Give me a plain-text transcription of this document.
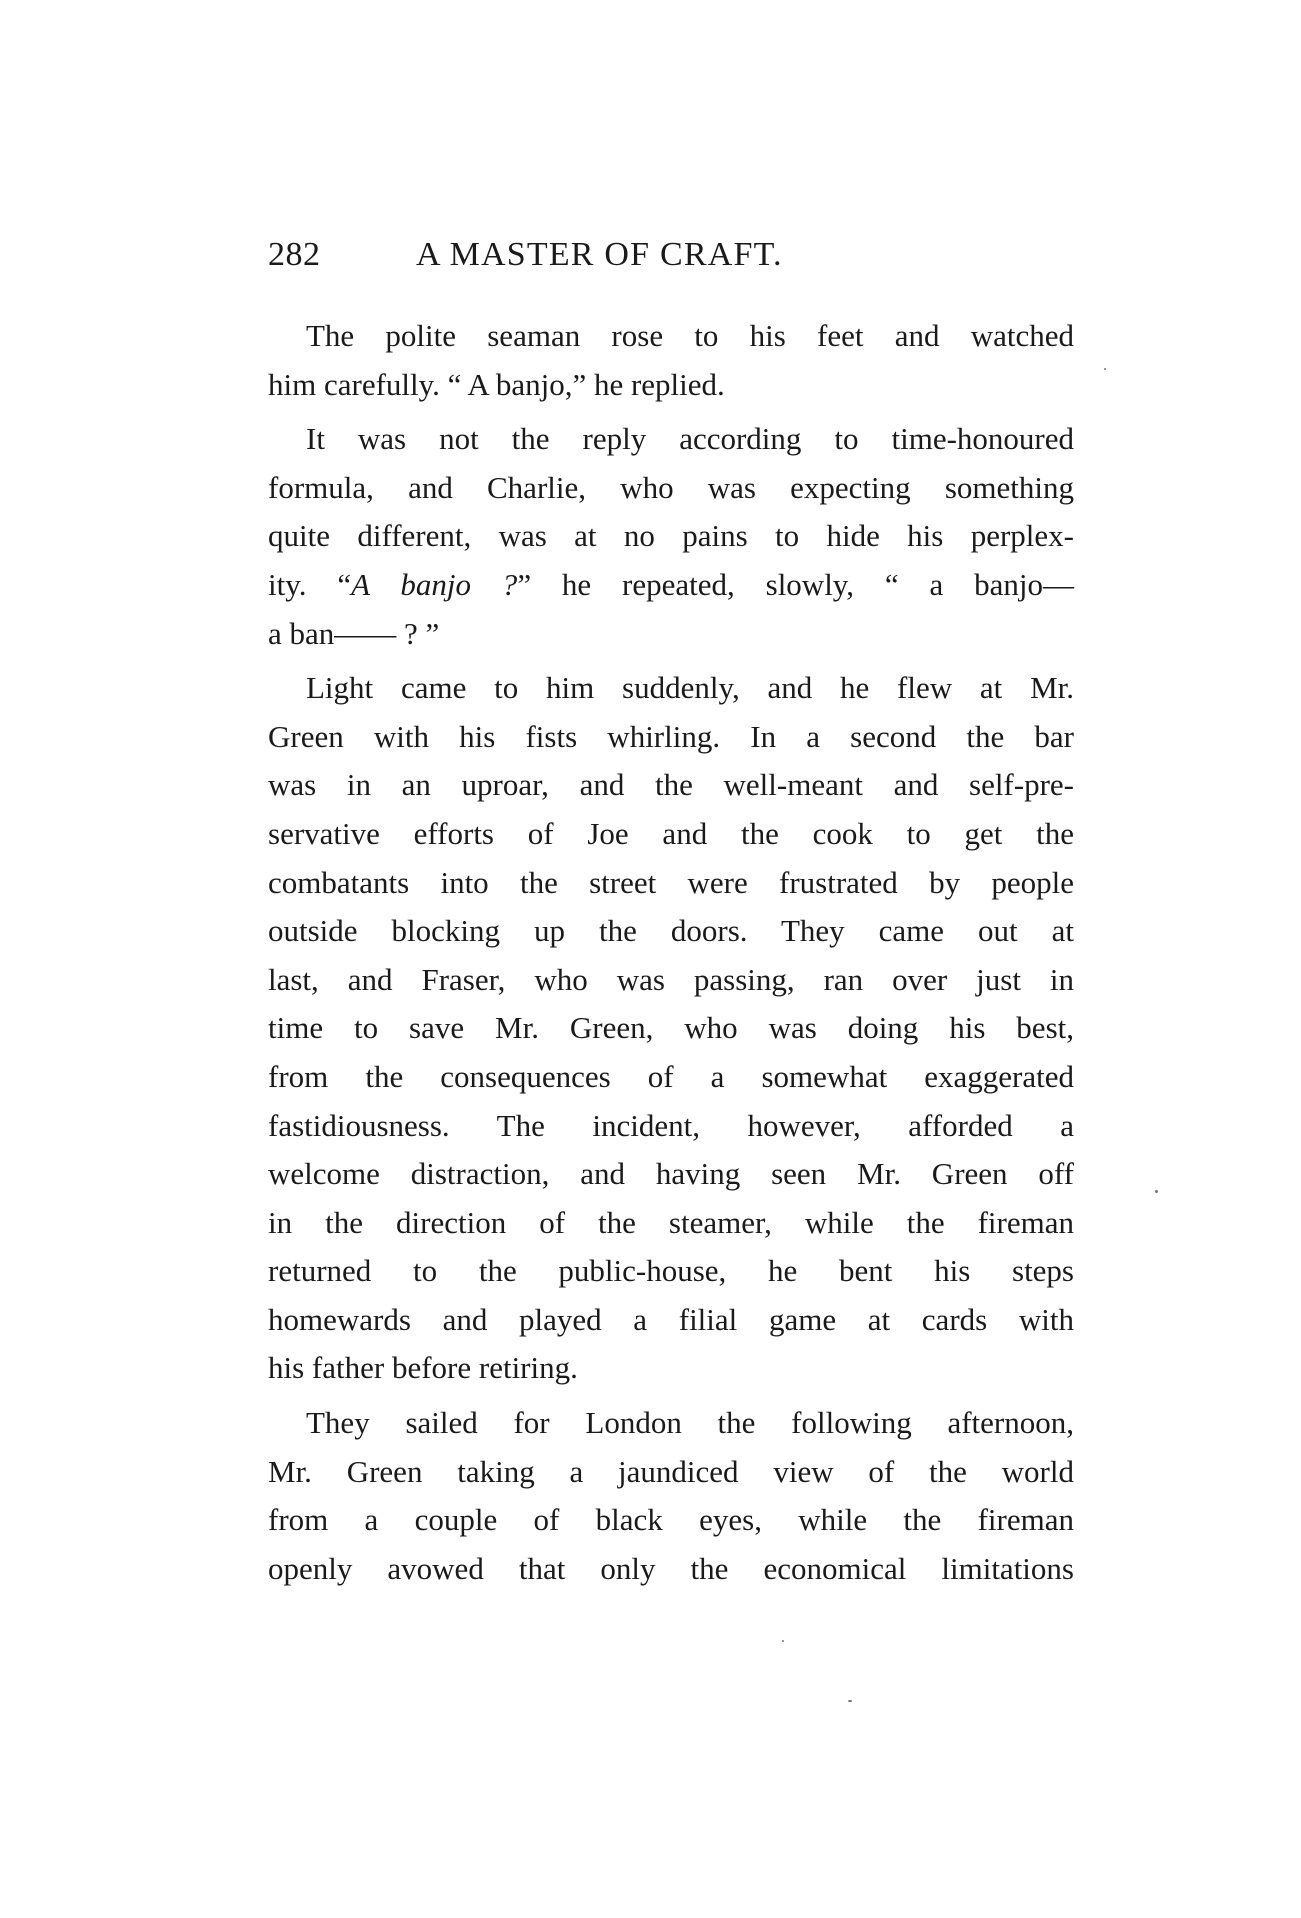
282	A MASTER OF CRAFT.
The polite seaman rose to his feet and watched
him carefully. “ A banjo,” he replied.
It was not the reply according to time-honoured
formula, and Charlie, who was expecting something
quite different, was at no pains to hide his perplex-
ity. “A banjo ?” he repeated, slowly, “ a banjo—
a ban—— ? ”
Light came to him suddenly, and he flew at Mr.
Green with his fists whirling. In a second the bar
was in an uproar, and the well-meant and self-pre-
servative efforts of Joe and the cook to get the
combatants into the street were frustrated by people
outside blocking up the doors. They came out at
last, and Fraser, who was passing, ran over just in
time to save Mr. Green, who was doing his best,
from the consequences of a somewhat exaggerated
fastidiousness. The incident, however, afforded a
welcome distraction, and having seen Mr. Green off
in the direction of the steamer, while the fireman
returned to the public-house, he bent his steps
homewards and played a filial game at cards with
his father before retiring.
They sailed for London the following afternoon,
Mr. Green taking a jaundiced view of the world
from a couple of black eyes, while the fireman
openly avowed that only the economical limitations
